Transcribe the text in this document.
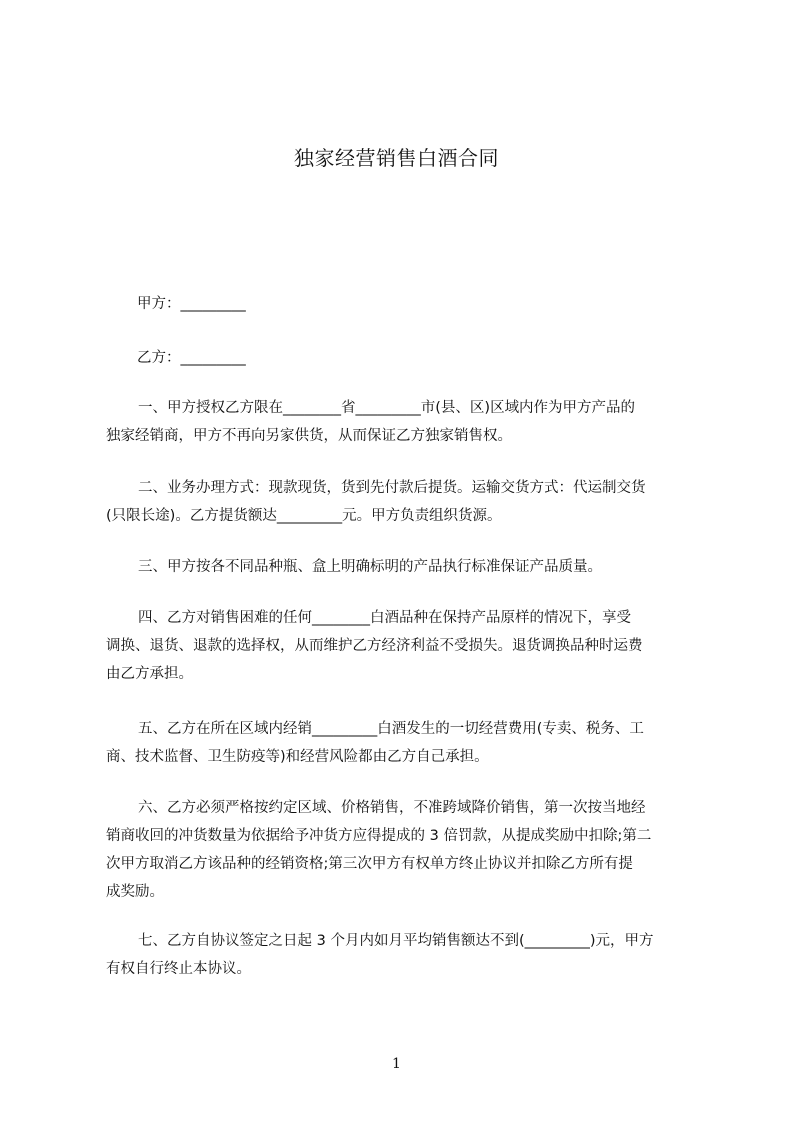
独家经营销售白酒合同
甲方：_________
乙方：_________
一、甲方授权乙方限在________省_________市(县、区)区域内作为甲方产品的
独家经销商，甲方不再向另家供货，从而保证乙方独家销售权。
二、业务办理方式：现款现货，货到先付款后提货。运输交货方式：代运制交货
(只限长途)。乙方提货额达_________元。甲方负责组织货源。
三、甲方按各不同品种瓶、盒上明确标明的产品执行标准保证产品质量。
四、乙方对销售困难的任何________白酒品种在保持产品原样的情况下，享受
调换、退货、退款的选择权，从而维护乙方经济利益不受损失。退货调换品种时运费
由乙方承担。
五、乙方在所在区域内经销_________白酒发生的一切经营费用(专卖、税务、工
商、技术监督、卫生防疫等)和经营风险都由乙方自己承担。
六、乙方必须严格按约定区域、价格销售，不准跨域降价销售，第一次按当地经
销商收回的冲货数量为依据给予冲货方应得提成的 3 倍罚款，从提成奖励中扣除;第二
次甲方取消乙方该品种的经销资格;第三次甲方有权单方终止协议并扣除乙方所有提
成奖励。
七、乙方自协议签定之日起 3 个月内如月平均销售额达不到(_________)元，甲方
有权自行终止本协议。
1
